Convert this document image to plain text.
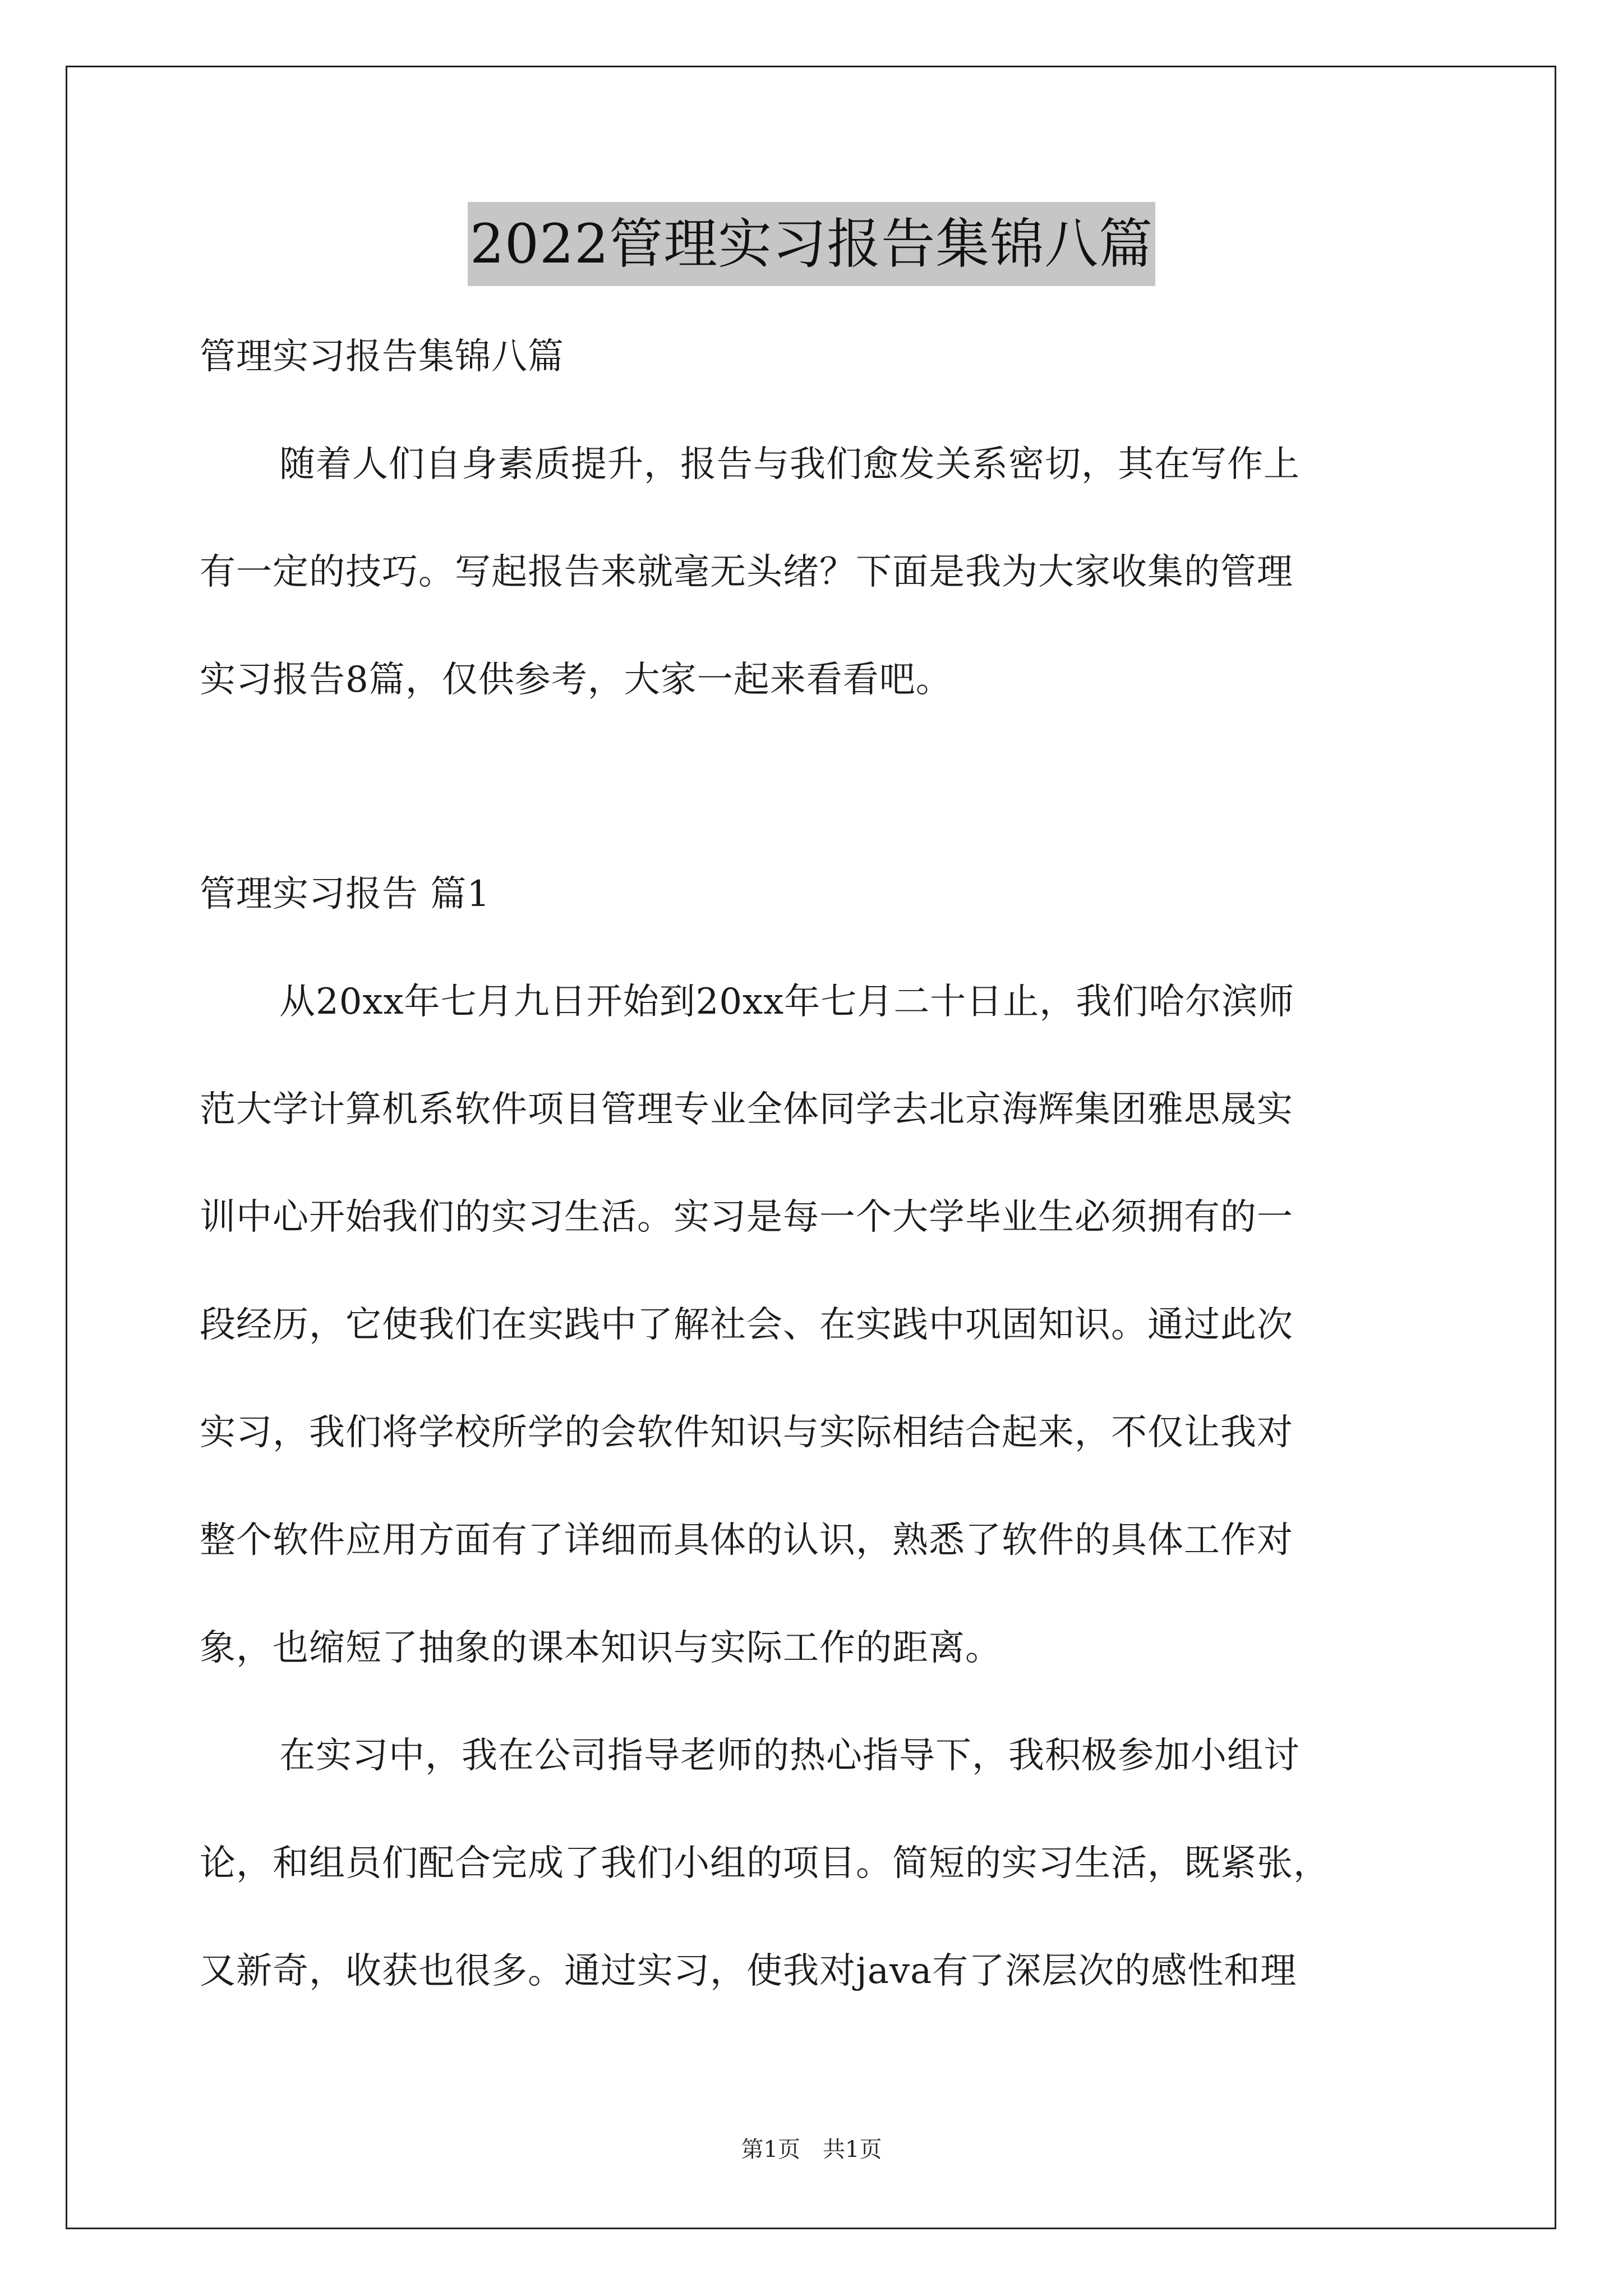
2022管理实习报告集锦八篇
管理实习报告集锦八篇
随着人们自身素质提升，报告与我们愈发关系密切，其在写作上
有一定的技巧。写起报告来就毫无头绪？下面是我为大家收集的管理
实习报告8篇，仅供参考，大家一起来看看吧。
管理实习报告 篇1
从20xx年七月九日开始到20xx年七月二十日止，我们哈尔滨师
范大学计算机系软件项目管理专业全体同学去北京海辉集团雅思晟实
训中心开始我们的实习生活。实习是每一个大学毕业生必须拥有的一
段经历，它使我们在实践中了解社会、在实践中巩固知识。通过此次
实习，我们将学校所学的会软件知识与实际相结合起来，不仅让我对
整个软件应用方面有了详细而具体的认识，熟悉了软件的具体工作对
象，也缩短了抽象的课本知识与实际工作的距离。
在实习中，我在公司指导老师的热心指导下，我积极参加小组讨
论，和组员们配合完成了我们小组的项目。简短的实习生活，既紧张，
又新奇，收获也很多。通过实习，使我对java有了深层次的感性和理
第1页 共1页
